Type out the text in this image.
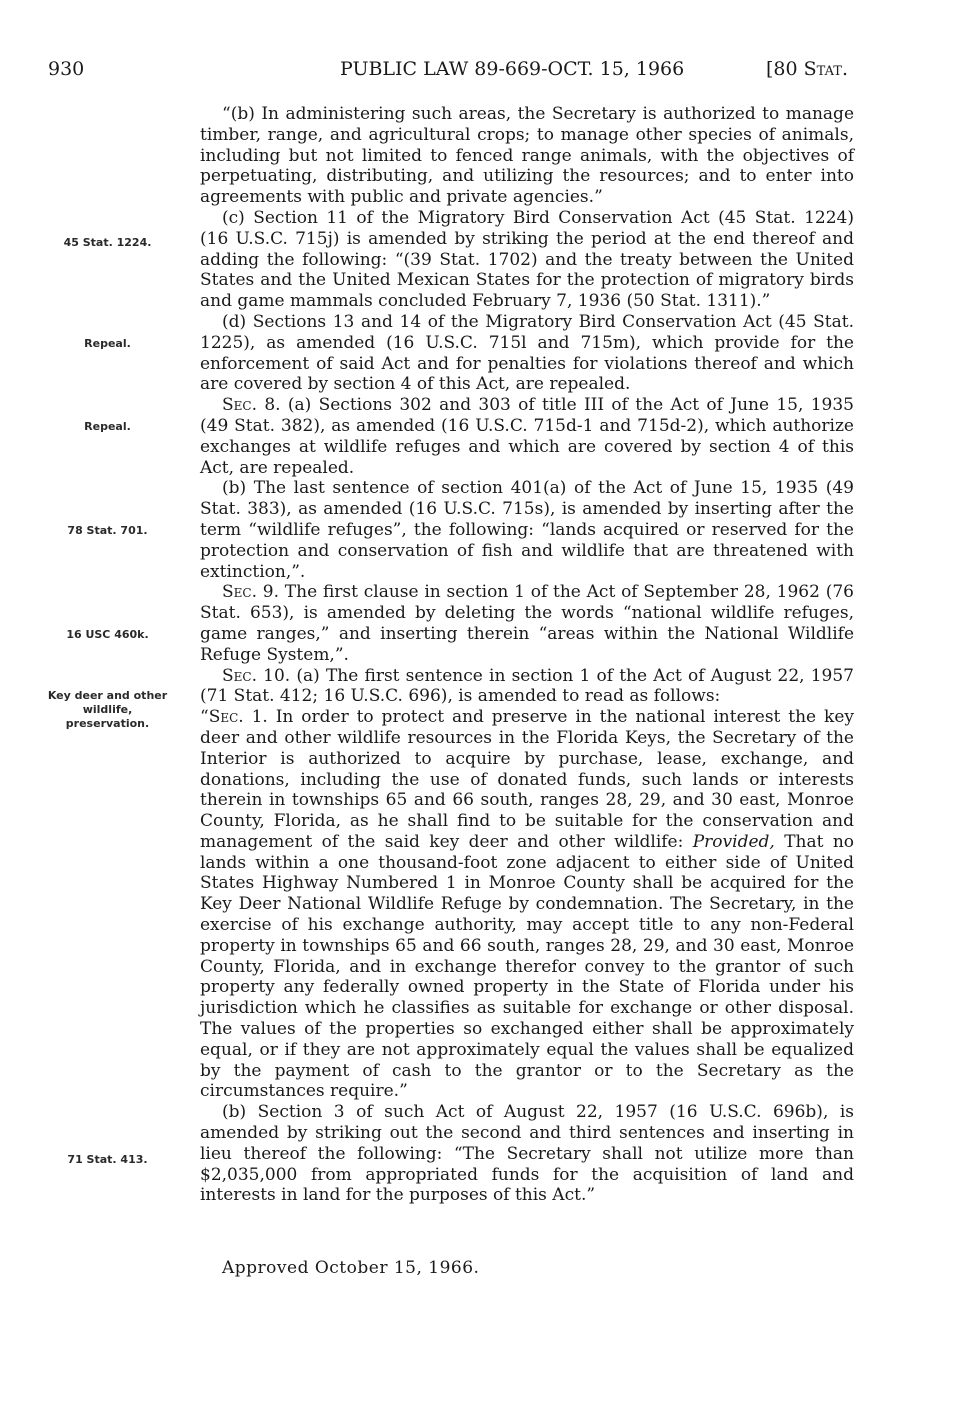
930	PUBLIC LAW 89-669-OCT. 15, 1966	[80 Stat.
45 Stat. 1224.
Repeal.
Repeal.
78 Stat. 701.
16 USC 460k.
Key deer and other wildlife, preservation.
71 Stat. 413.

“(b) In administering such areas, the Secretary is authorized to manage timber, range, and agricultural crops; to manage other species of animals, including but not limited to fenced range animals, with the objectives of perpetuating, distributing, and utilizing the resources; and to enter into agreements with public and private agencies.”

(c) Section 11 of the Migratory Bird Conservation Act (45 Stat. 1224) (16 U.S.C. 715j) is amended by striking the period at the end thereof and adding the following: “(39 Stat. 1702) and the treaty between the United States and the United Mexican States for the protection of migratory birds and game mammals concluded February 7, 1936 (50 Stat. 1311).”

(d) Sections 13 and 14 of the Migratory Bird Conservation Act (45 Stat. 1225), as amended (16 U.S.C. 715l and 715m), which provide for the enforcement of said Act and for penalties for violations thereof and which are covered by section 4 of this Act, are repealed.

Sec. 8. (a) Sections 302 and 303 of title III of the Act of June 15, 1935 (49 Stat. 382), as amended (16 U.S.C. 715d-1 and 715d-2), which authorize exchanges at wildlife refuges and which are covered by section 4 of this Act, are repealed.

(b) The last sentence of section 401(a) of the Act of June 15, 1935 (49 Stat. 383), as amended (16 U.S.C. 715s), is amended by inserting after the term “wildlife refuges”, the following: “lands acquired or reserved for the protection and conservation of fish and wildlife that are threatened with extinction,”.

Sec. 9. The first clause in section 1 of the Act of September 28, 1962 (76 Stat. 653), is amended by deleting the words “national wildlife refuges, game ranges,” and inserting therein “areas within the National Wildlife Refuge System,”.

Sec. 10. (a) The first sentence in section 1 of the Act of August 22, 1957 (71 Stat. 412; 16 U.S.C. 696), is amended to read as follows:

“Sec. 1. In order to protect and preserve in the national interest the key deer and other wildlife resources in the Florida Keys, the Secretary of the Interior is authorized to acquire by purchase, lease, exchange, and donations, including the use of donated funds, such lands or interests therein in townships 65 and 66 south, ranges 28, 29, and 30 east, Monroe County, Florida, as he shall find to be suitable for the conservation and management of the said key deer and other wildlife: Provided, That no lands within a one thousand-foot zone adjacent to either side of United States Highway Numbered 1 in Monroe County shall be acquired for the Key Deer National Wildlife Refuge by condemnation. The Secretary, in the exercise of his exchange authority, may accept title to any non-Federal property in townships 65 and 66 south, ranges 28, 29, and 30 east, Monroe County, Florida, and in exchange therefor convey to the grantor of such property any federally owned property in the State of Florida under his jurisdiction which he classifies as suitable for exchange or other disposal. The values of the properties so exchanged either shall be approximately equal, or if they are not approximately equal the values shall be equalized by the payment of cash to the grantor or to the Secretary as the circumstances require.”

(b) Section 3 of such Act of August 22, 1957 (16 U.S.C. 696b), is amended by striking out the second and third sentences and inserting in lieu thereof the following: “The Secretary shall not utilize more than $2,035,000 from appropriated funds for the acquisition of land and interests in land for the purposes of this Act.”

Approved October 15, 1966.
